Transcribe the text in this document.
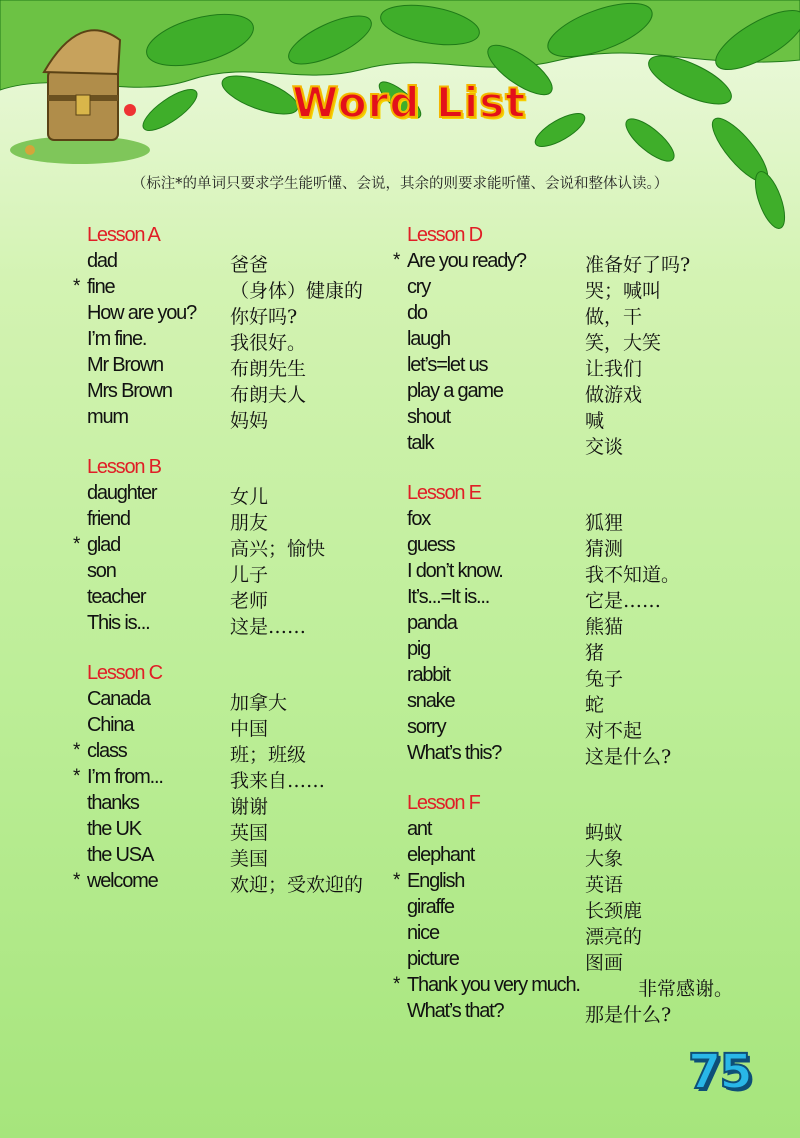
Word List
（标注*的单词只要求学生能听懂、会说，其余的则要求能听懂、会说和整体认读。）
Lesson A
dad	爸爸
* fine	（身体）健康的
How are you? 你好吗?
I’m fine.	我很好。
Mr Brown	布朗先生
Mrs Brown	布朗夫人
mum	妈妈
Lesson B
daughter	女儿
friend	朋友
* glad	高兴；愉快
son	儿子
teacher	老师
This is...	这是……
Lesson C
Canada	加拿大
China	中国
* class	班；班级
* I’m from...	我来自……
thanks	谢谢
the UK	英国
the USA	美国
* welcome	欢迎；受欢迎的
Lesson D
* Are you ready?	准备好了吗?
cry	哭；喊叫
do	做，干
laugh	笑，大笑
let’s=let us	让我们
play a game	做游戏
shout	喊
talk	交谈
Lesson E
fox	狐狸
guess	猜测
I don’t know.	我不知道。
It’s...=It is...	它是……
panda	熊猫
pig	猪
rabbit	兔子
snake	蛇
sorry	对不起
What’s this?	这是什么?
Lesson F
ant	蚂蚁
elephant	大象
* English	英语
giraffe	长颈鹿
nice	漂亮的
picture	图画
* Thank you very much.	非常感谢。
What’s that?	那是什么?
75
